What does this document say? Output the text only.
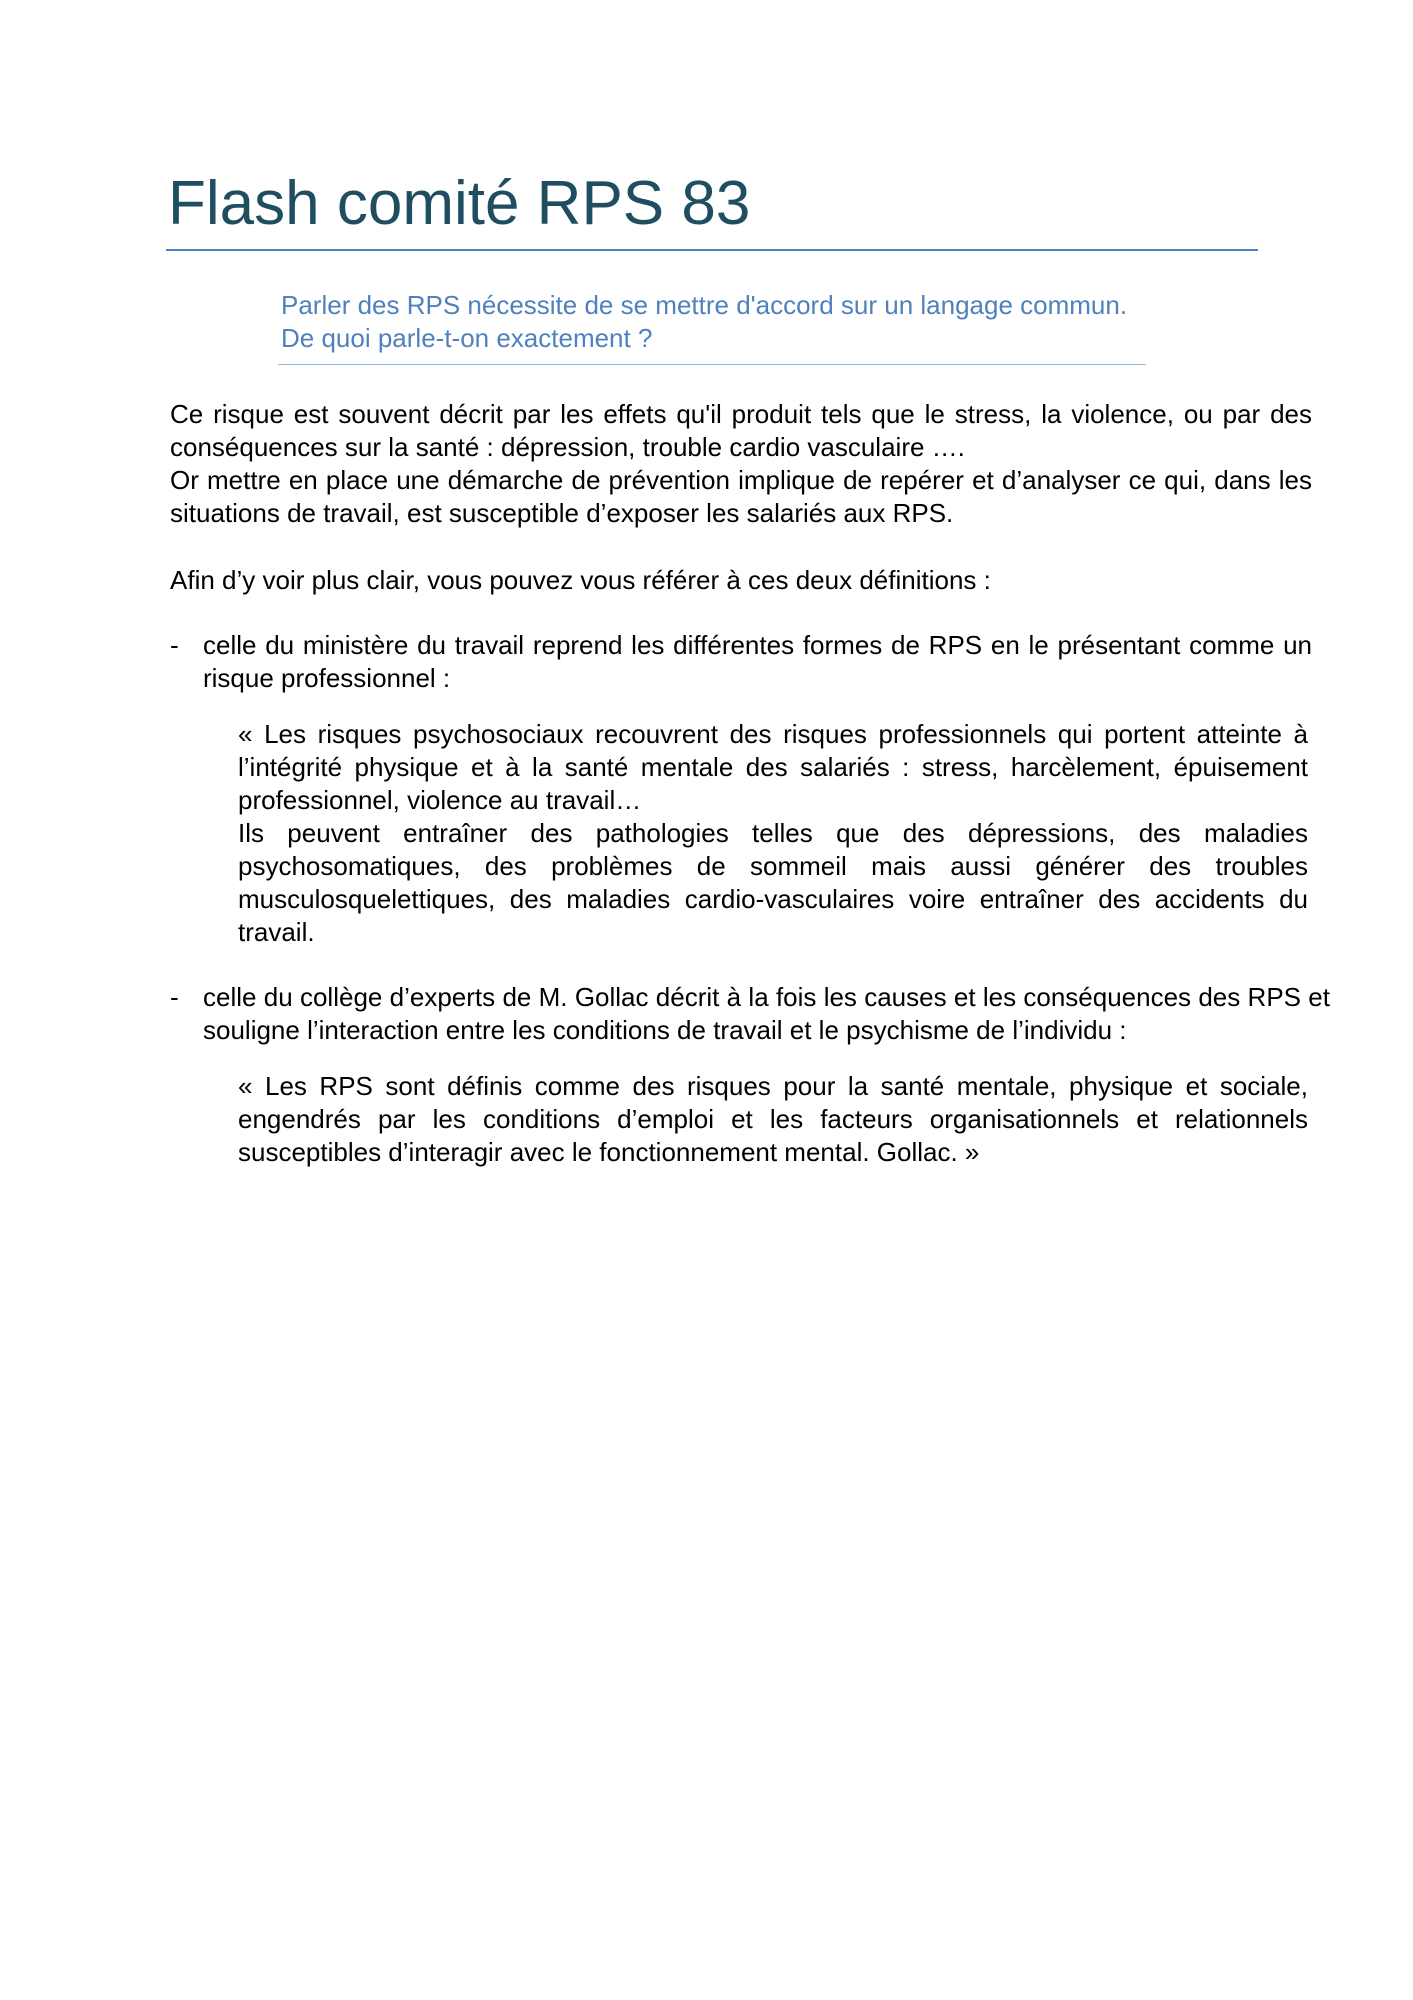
Flash comité RPS 83
Parler des RPS nécessite de se mettre d'accord sur un langage commun.
De quoi parle-t-on exactement ?
Ce risque est souvent décrit par les effets qu'il produit tels que le stress, la violence, ou par des conséquences sur la santé : dépression, trouble cardio vasculaire ….
Or mettre en place une démarche de prévention implique de repérer et d’analyser ce qui, dans les situations de travail, est susceptible d’exposer les salariés aux RPS.
Afin d’y voir plus clair, vous pouvez vous référer à ces deux définitions :
- celle du ministère du travail reprend les différentes formes de RPS en le présentant comme un risque professionnel :
« Les risques psychosociaux recouvrent des risques professionnels qui portent atteinte à l’intégrité physique et à la santé mentale des salariés : stress, harcèlement, épuisement professionnel, violence au travail…
Ils peuvent entraîner des pathologies telles que des dépressions, des maladies psychosomatiques, des problèmes de sommeil mais aussi générer des troubles musculosquelettiques, des maladies cardio-vasculaires voire entraîner des accidents du travail.
- celle du collège d’experts de M. Gollac décrit à la fois les causes et les conséquences des RPS et souligne l’interaction entre les conditions de travail et le psychisme de l’individu :
« Les RPS sont définis comme des risques pour la santé mentale, physique et sociale, engendrés par les conditions d’emploi et les facteurs organisationnels et relationnels susceptibles d’interagir avec le fonctionnement mental. Gollac. »
